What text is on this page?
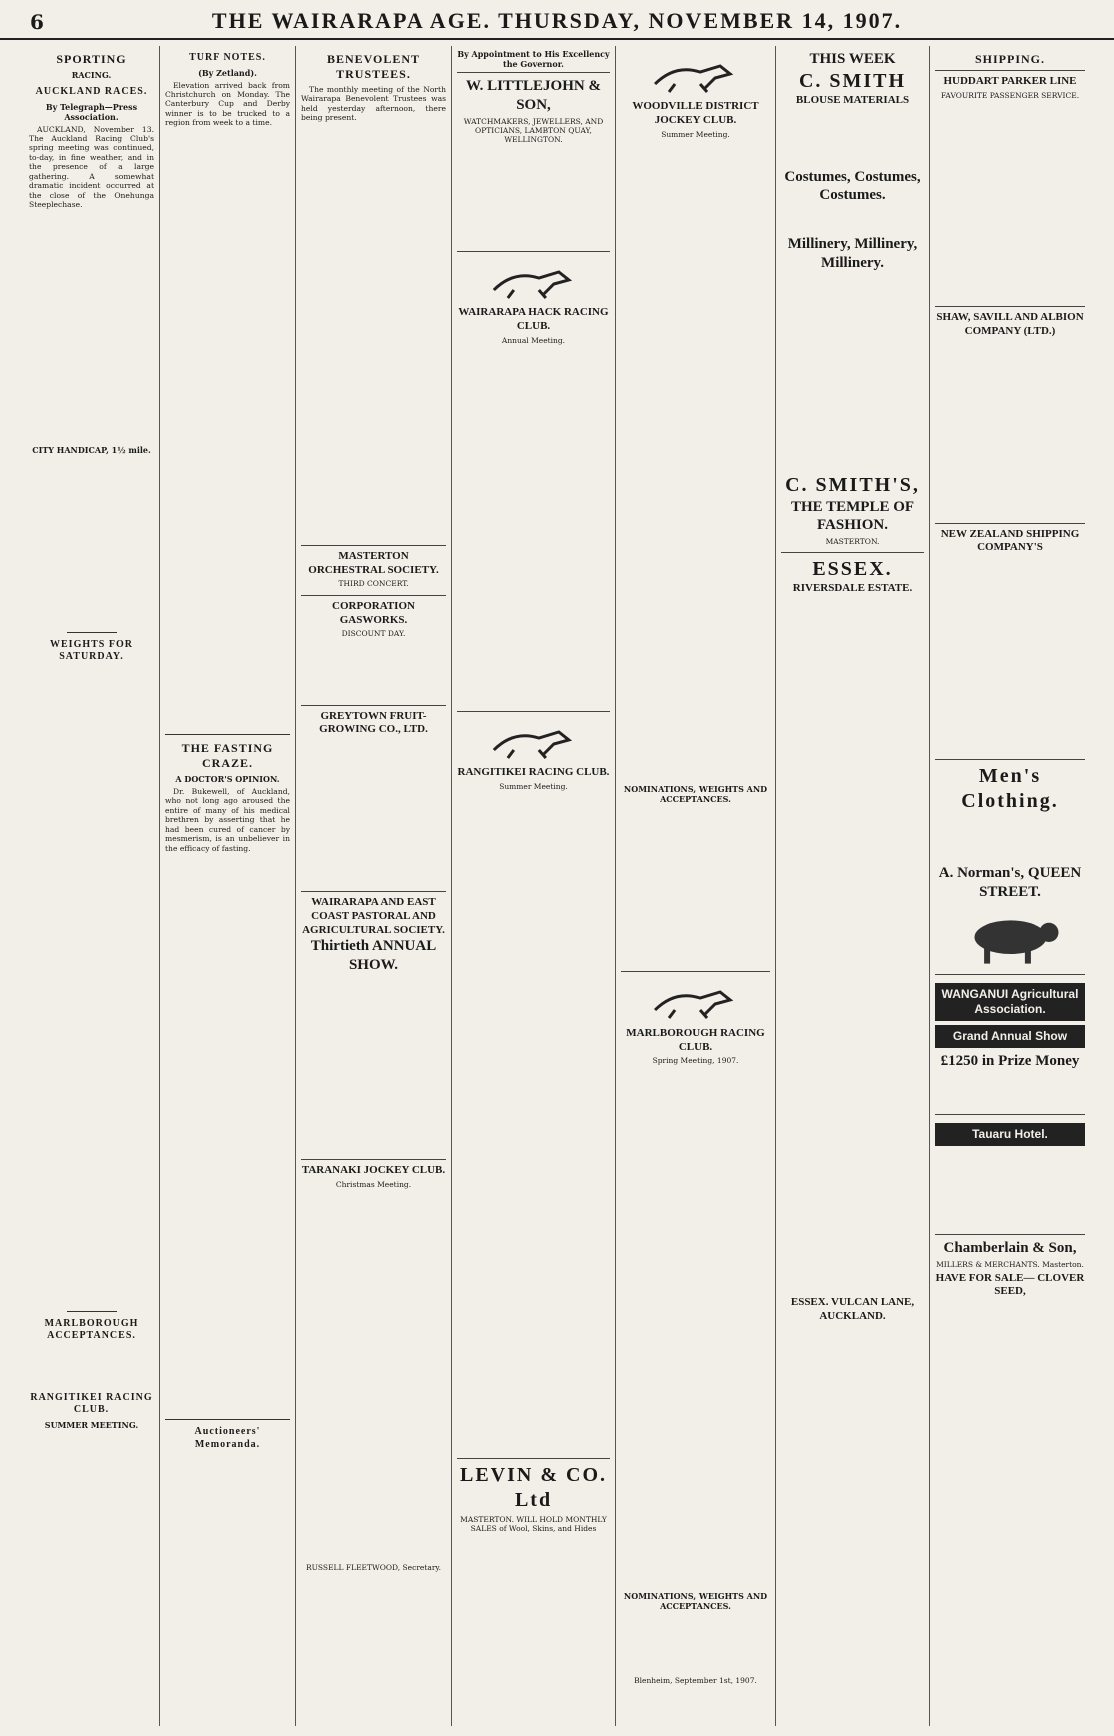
6	THE WAIRARAPA AGE. THURSDAY, NOVEMBER 14, 1907.
SPORTING
RACING.
AUCKLAND RACES.
By Telegraph—Press Association.

AUCKLAND, November 13. The Auckland Racing Club's spring meeting was continued, to-day, in fine weather, and in the presence of a large gathering. A somewhat dramatic incident occurred at the close of the Onehunga Steeplechase.

CITY HANDICAP, 1½ mile.
WEIGHTS FOR SATURDAY.
MARLBOROUGH ACCEPTANCES.
RANGITIKEI RACING CLUB.
SUMMER MEETING.
TURF NOTES.
(By Zetland).

Elevation arrived back from Christchurch on Monday. The Canterbury Cup and Derby winner is to be trucked to a region from week to a time.

THE FASTING CRAZE.
A DOCTOR'S OPINION.

Dr. Bukewell, of Auckland, who not long ago aroused the entire of many of his medical brethren by asserting that he had been cured of cancer by mesmerism, is an unbeliever in the efficacy of fasting.

Auctioneers' Memoranda.
BENEVOLENT TRUSTEES.

The monthly meeting of the North Wairarapa Benevolent Trustees was held yesterday afternoon, there being present.

MASTERTON ORCHESTRAL SOCIETY.
THIRD CONCERT.
CORPORATION GASWORKS.
DISCOUNT DAY.
GREYTOWN FRUIT-GROWING CO., LTD.
WAIRARAPA AND EAST COAST PASTORAL AND AGRICULTURAL SOCIETY.
Thirtieth ANNUAL SHOW.
TARANAKI JOCKEY CLUB.
Christmas Meeting.
RUSSELL FLEETWOOD, Secretary.
By Appointment to His Excellency the Governor.
W. LITTLEJOHN & SON,
WATCHMAKERS, JEWELLERS, AND OPTICIANS, LAMBTON QUAY, WELLINGTON.
WAIRARAPA HACK RACING CLUB.
Annual Meeting.
RANGITIKEI RACING CLUB.
Summer Meeting.
LEVIN & CO. Ltd
MASTERTON. WILL HOLD MONTHLY SALES of Wool, Skins, and Hides
WOODVILLE DISTRICT JOCKEY CLUB.
Summer Meeting.
NOMINATIONS, WEIGHTS AND ACCEPTANCES.
MARLBOROUGH RACING CLUB.
Spring Meeting, 1907.
NOMINATIONS, WEIGHTS AND ACCEPTANCES.
Blenheim, September 1st, 1907.
THIS WEEK
C. SMITH
BLOUSE MATERIALS
Costumes, Costumes, Costumes.
Millinery, Millinery, Millinery.
C. SMITH'S,
THE TEMPLE OF FASHION.
MASTERTON.
ESSEX.
RIVERSDALE ESTATE.
ESSEX. VULCAN LANE, AUCKLAND.
SHIPPING.
HUDDART PARKER LINE
FAVOURITE PASSENGER SERVICE.
SHAW, SAVILL AND ALBION COMPANY (LTD.)
NEW ZEALAND SHIPPING COMPANY'S
Men's Clothing.
A. Norman's, QUEEN STREET.
WANGANUI Agricultural Association.
Grand Annual Show
£1250 in Prize Money
Tauaru Hotel.
Chamberlain & Son,
MILLERS & MERCHANTS. Masterton.
HAVE FOR SALE— CLOVER SEED,
